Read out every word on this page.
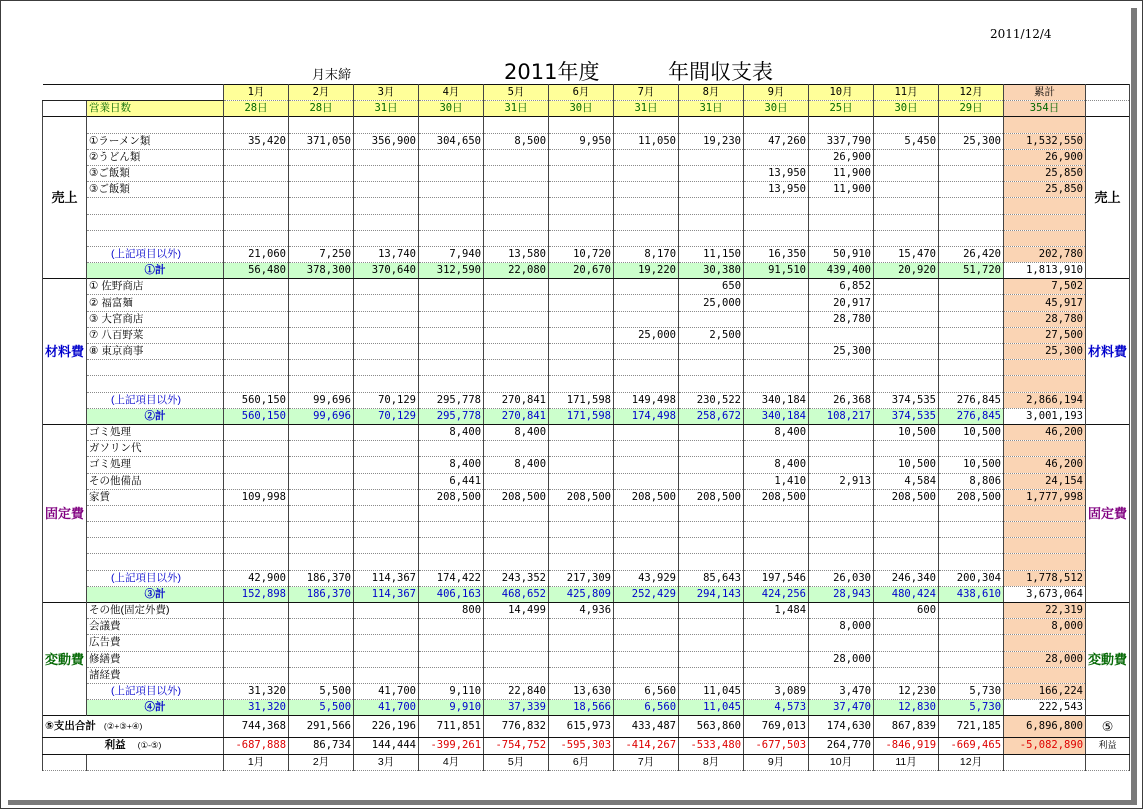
2011/12/4
月末締	2011年度	年間収支表
		1月	2月	3月	4月	5月	6月	7月	8月	9月	10月	11月	12月	累計	
	営業日数	28日	28日	31日	30日	31日	30日	31日	31日	30日	25日	30日	29日	354日	
売上															売上
	①ラーメン類	35,420	371,050	356,900	304,650	8,500	9,950	11,050	19,230	47,260	337,790	5,450	25,300	1,532,550	
	②うどん類										26,900			26,900	
	③ご飯類									13,950	11,900			25,850	
	③ご飯類									13,950	11,900			25,850	

	(上記項目以外)	21,060	7,250	13,740	7,940	13,580	10,720	8,170	11,150	16,350	50,910	15,470	26,420	202,780	
	①計	56,480	378,300	370,640	312,590	22,080	20,670	19,220	30,380	91,510	439,400	20,920	51,720	1,813,910	
材料費	① 佐野商店								650		6,852			7,502	材料費
	② 福富麺								25,000		20,917			45,917	
	③ 大宮商店										28,780			28,780	
	⑦ 八百野菜							25,000	2,500					27,500	
	⑧ 東京商事										25,300			25,300	

	(上記項目以外)	560,150	99,696	70,129	295,778	270,841	171,598	149,498	230,522	340,184	26,368	374,535	276,845	2,866,194	
	②計	560,150	99,696	70,129	295,778	270,841	171,598	174,498	258,672	340,184	108,217	374,535	276,845	3,001,193	
固定費	ゴミ処理				8,400	8,400				8,400		10,500	10,500	46,200	固定費
	ガソリン代														
	ゴミ処理				8,400	8,400				8,400		10,500	10,500	46,200	
	その他備品				6,441					1,410	2,913	4,584	8,806	24,154	
	家賃	109,998			208,500	208,500	208,500	208,500	208,500	208,500		208,500	208,500	1,777,998	

	(上記項目以外)	42,900	186,370	114,367	174,422	243,352	217,309	43,929	85,643	197,546	26,030	246,340	200,304	1,778,512	
	③計	152,898	186,370	114,367	406,163	468,652	425,809	252,429	294,143	424,256	28,943	480,424	438,610	3,673,064	
変動費	その他(固定外費)				800	14,499	4,936			1,484		600		22,319	変動費
	会議費										8,000			8,000	
	広告費														
	修繕費										28,000			28,000	
	諸経費														
	(上記項目以外)	31,320	5,500	41,700	9,110	22,840	13,630	6,560	11,045	3,089	3,470	12,230	5,730	166,224	
	④計	31,320	5,500	41,700	9,910	37,339	18,566	6,560	11,045	4,573	37,470	12,830	5,730	222,543	
⑤支出合計 (②+③+④)		744,368	291,566	226,196	711,851	776,832	615,973	433,487	563,860	769,013	174,630	867,839	721,185	6,896,800	⑤
利益 (①-⑤)		-687,888	86,734	144,444	-399,261	-754,752	-595,303	-414,267	-533,480	-677,503	264,770	-846,919	-669,465	-5,082,890	利益
		1月	2月	3月	4月	5月	6月	7月	8月	9月	10月	11月	12月		
